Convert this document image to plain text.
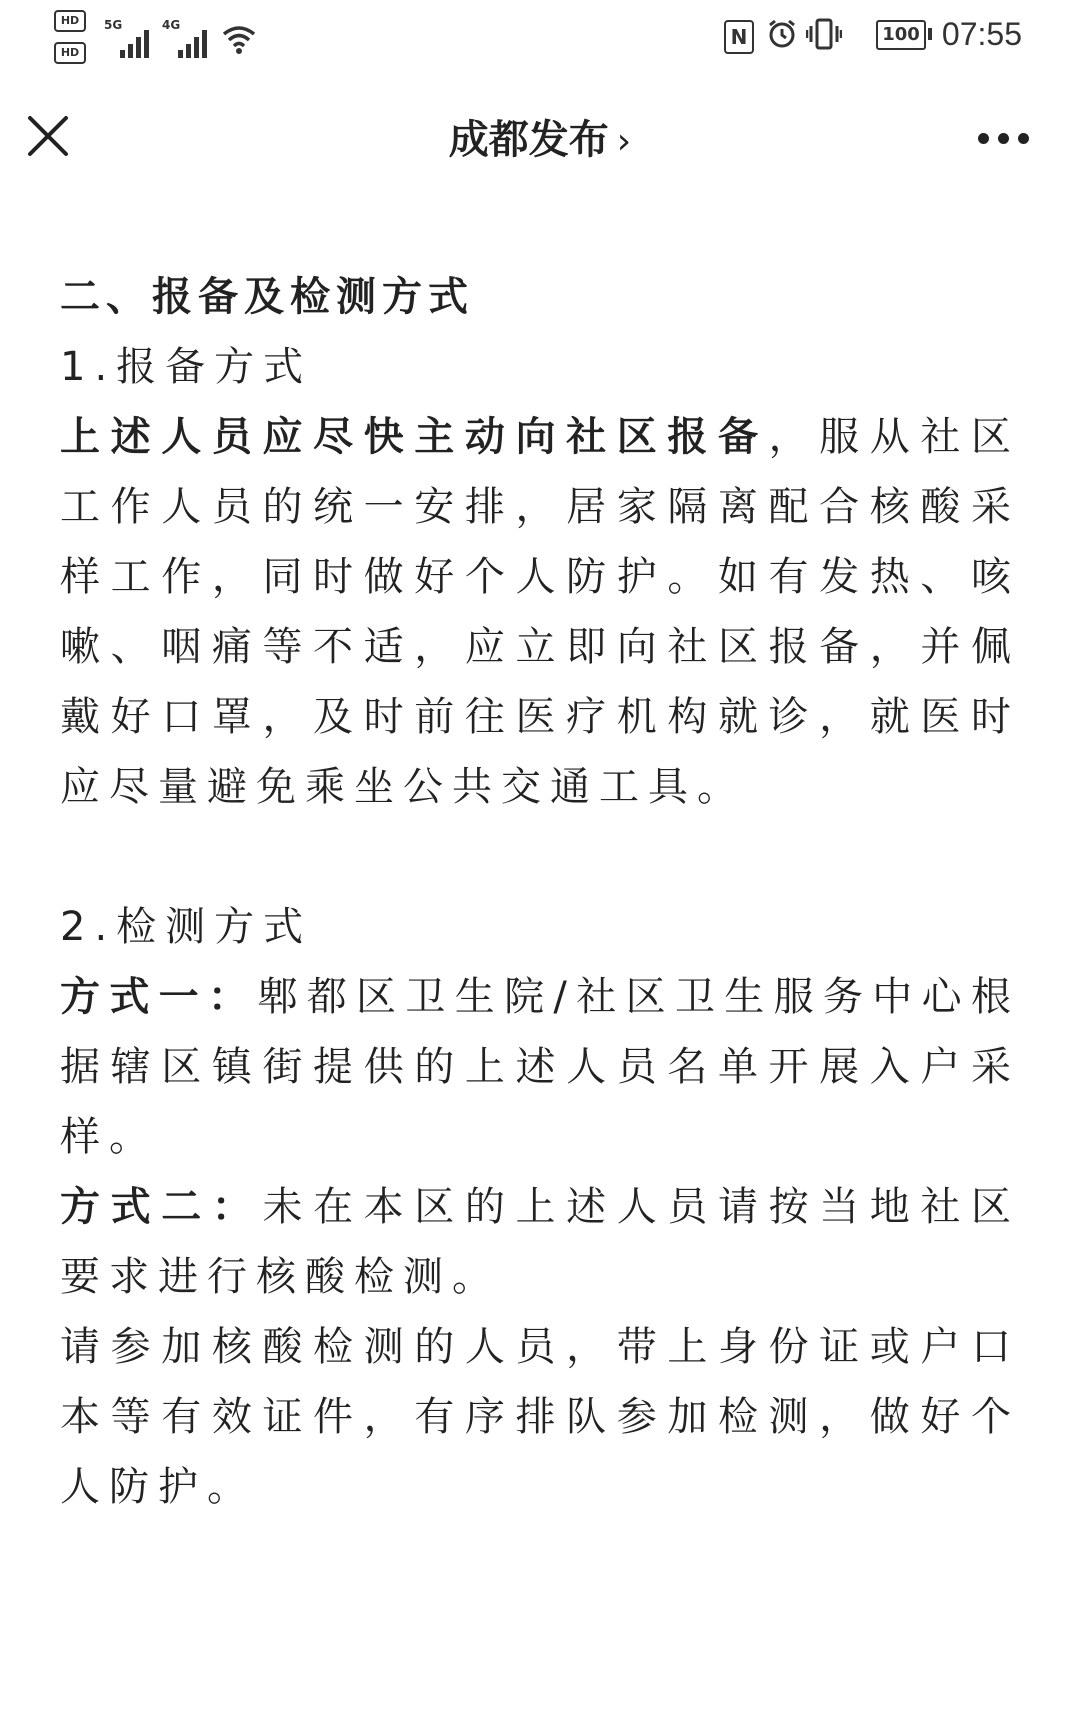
HD
HD
5G	4G	N	100 07:55
成都发布 ›

二、报备及检测方式

1.报备方式

上述人员应尽快主动向社区报备，服从社区工作人员的统一安排，居家隔离配合核酸采样工作，同时做好个人防护。如有发热、咳嗽、咽痛等不适，应立即向社区报备，并佩戴好口罩，及时前往医疗机构就诊，就医时应尽量避免乘坐公共交通工具。

2.检测方式

方式一：郫都区卫生院/社区卫生服务中心根据辖区镇街提供的上述人员名单开展入户采样。

方式二：未在本区的上述人员请按当地社区要求进行核酸检测。

请参加核酸检测的人员，带上身份证或户口本等有效证件，有序排队参加检测，做好个人防护。
